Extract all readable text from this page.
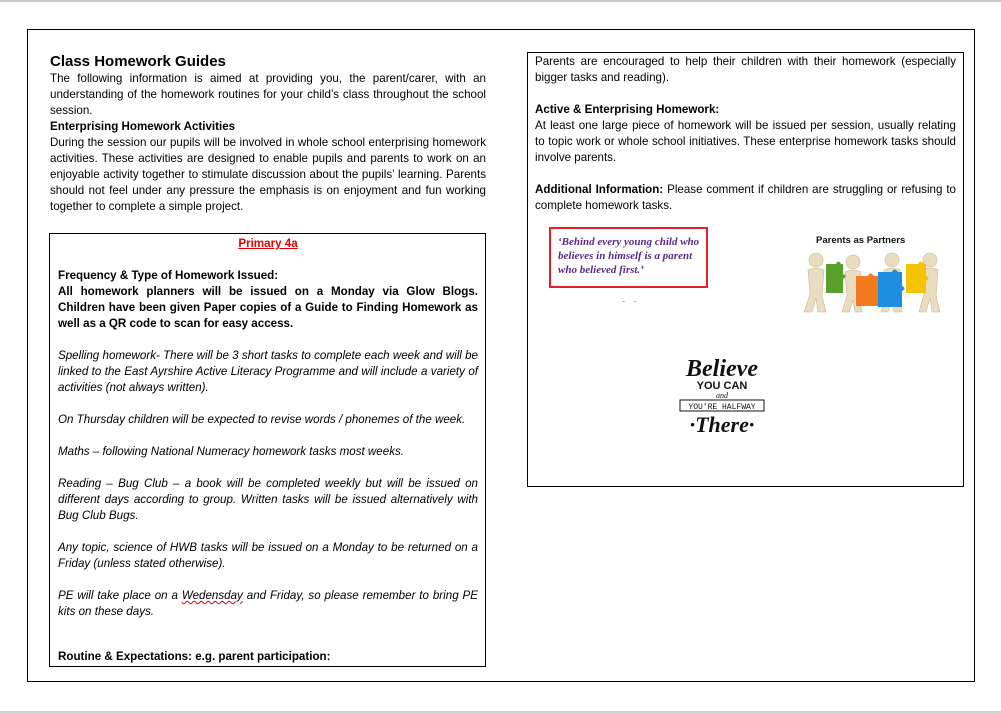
Class Homework Guides

The following information is aimed at providing you, the parent/carer, with an understanding of the homework routines for your child’s class throughout the school session.

Enterprising Homework Activities

During the session our pupils will be involved in whole school enterprising homework activities. These activities are designed to enable pupils and parents to work on an enjoyable activity together to stimulate discussion about the pupils’ learning. Parents should not feel under any pressure the emphasis is on enjoyment and fun working together to complete a simple project.

Primary 4a

Frequency & Type of Homework Issued:

All homework planners will be issued on a Monday via Glow Blogs. Children have been given Paper copies of a Guide to Finding Homework as well as a QR code to scan for easy access.

Spelling homework- There will be 3 short tasks to complete each week and will be linked to the East Ayrshire Active Literacy Programme and will include a variety of activities (not always written).

On Thursday children will be expected to revise words / phonemes of the week.

Maths – following National Numeracy homework tasks most weeks.

Reading – Bug Club – a book will be completed weekly but will be issued on different days according to group. Written tasks will be issued alternatively with Bug Club Bugs.

Any topic, science of HWB tasks will be issued on a Monday to be returned on a Friday (unless stated otherwise).

PE will take place on a Wedensday and Friday, so please remember to bring PE kits on these days.

Routine & Expectations: e.g. parent participation:

Parents are encouraged to help their children with their homework (especially bigger tasks and reading).

Active & Enterprising Homework:

At least one large piece of homework will be issued per session, usually relating to topic work or whole school initiatives. These enterprise homework tasks should involve parents.

Additional Information: Please comment if children are struggling or refusing to complete homework tasks.

‘Behind every young child who believes in himself is a parent who believed first.’

- -
Parents as Partners
Believe
YOU CAN
and
YOU'RE HALFWAY
·There·
